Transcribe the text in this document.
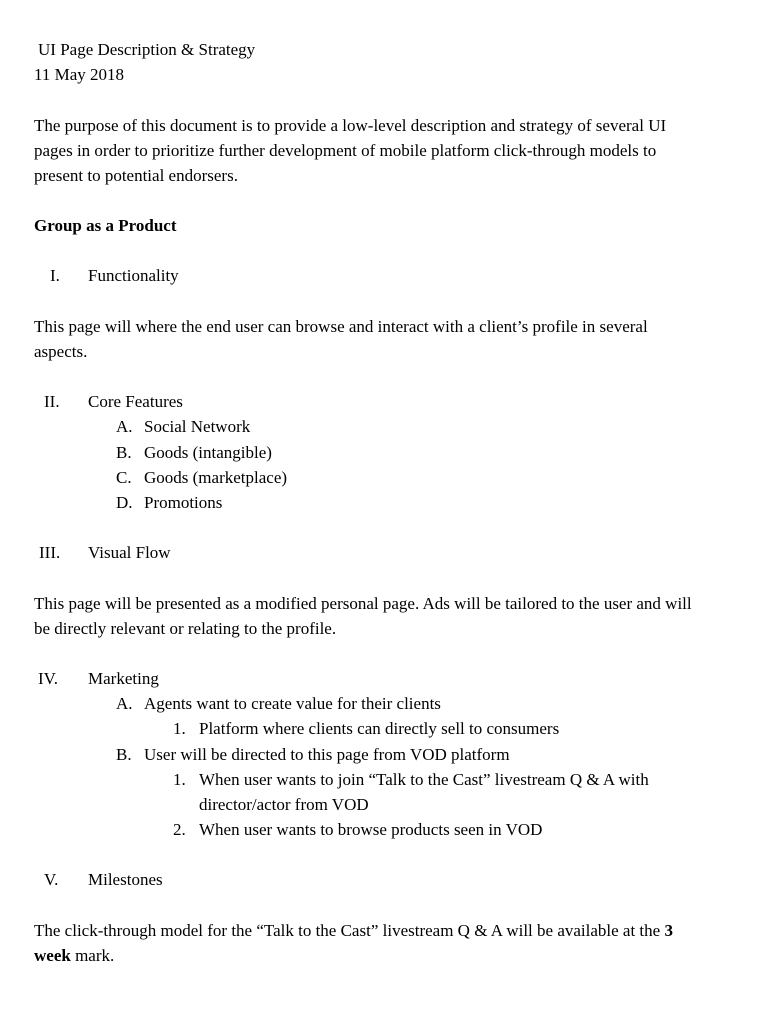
UI Page Description & Strategy
11 May 2018
The purpose of this document is to provide a low-level description and strategy of several UI
pages in order to prioritize further development of mobile platform click-through models to
present to potential endorsers.
Group as a Product
I. Functionality
This page will where the end user can browse and interact with a client’s profile in several
aspects.
II. Core Features
A. Social Network
B. Goods (intangible)
C. Goods (marketplace)
D. Promotions
III. Visual Flow
This page will be presented as a modified personal page. Ads will be tailored to the user and will
be directly relevant or relating to the profile.
IV. Marketing
A. Agents want to create value for their clients
1. Platform where clients can directly sell to consumers
B. User will be directed to this page from VOD platform
1. When user wants to join “Talk to the Cast” livestream Q & A with
director/actor from VOD
2. When user wants to browse products seen in VOD
V. Milestones
The click-through model for the “Talk to the Cast” livestream Q & A will be available at the 3
week mark.
